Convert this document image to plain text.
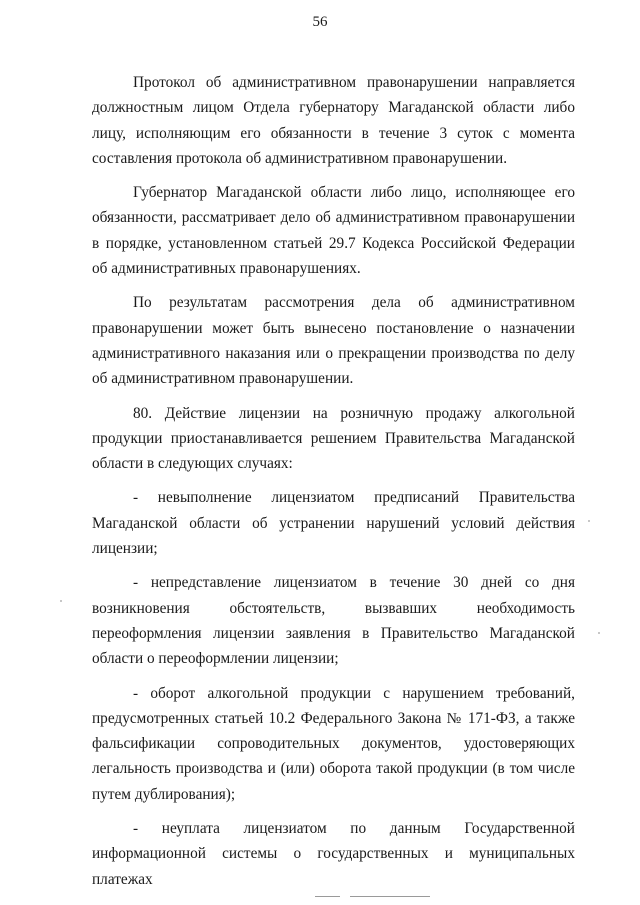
56

Протокол об административном правонарушении направляется должностным лицом Отдела губернатору Магаданской области либо лицу, исполняющим его обязанности в течение 3 суток с момента составления протокола об административном правонарушении.

Губернатор Магаданской области либо лицо, исполняющее его обязанности, рассматривает дело об административном правонарушении в порядке, установленном статьей 29.7 Кодекса Российской Федерации об административных правонарушениях.

По результатам рассмотрения дела об административном правонарушении может быть вынесено постановление о назначении административного наказания или о прекращении производства по делу об административном правонарушении.

80. Действие лицензии на розничную продажу алкогольной продукции приостанавливается решением Правительства Магаданской области в следующих случаях:

- невыполнение лицензиатом предписаний Правительства Магаданской области об устранении нарушений условий действия лицензии;

- непредставление лицензиатом в течение 30 дней со дня возникновения обстоятельств, вызвавших необходимость переоформления лицензии заявления в Правительство Магаданской области о переоформлении лицензии;

- оборот алкогольной продукции с нарушением требований, предусмотренных статьей 10.2 Федерального Закона № 171-ФЗ, а также фальсификации сопроводительных документов, удостоверяющих легальность производства и (или) оборота такой продукции (в том числе путем дублирования);

- неуплата лицензиатом по данным Государственной информационной системы о государственных и муниципальных платежах
